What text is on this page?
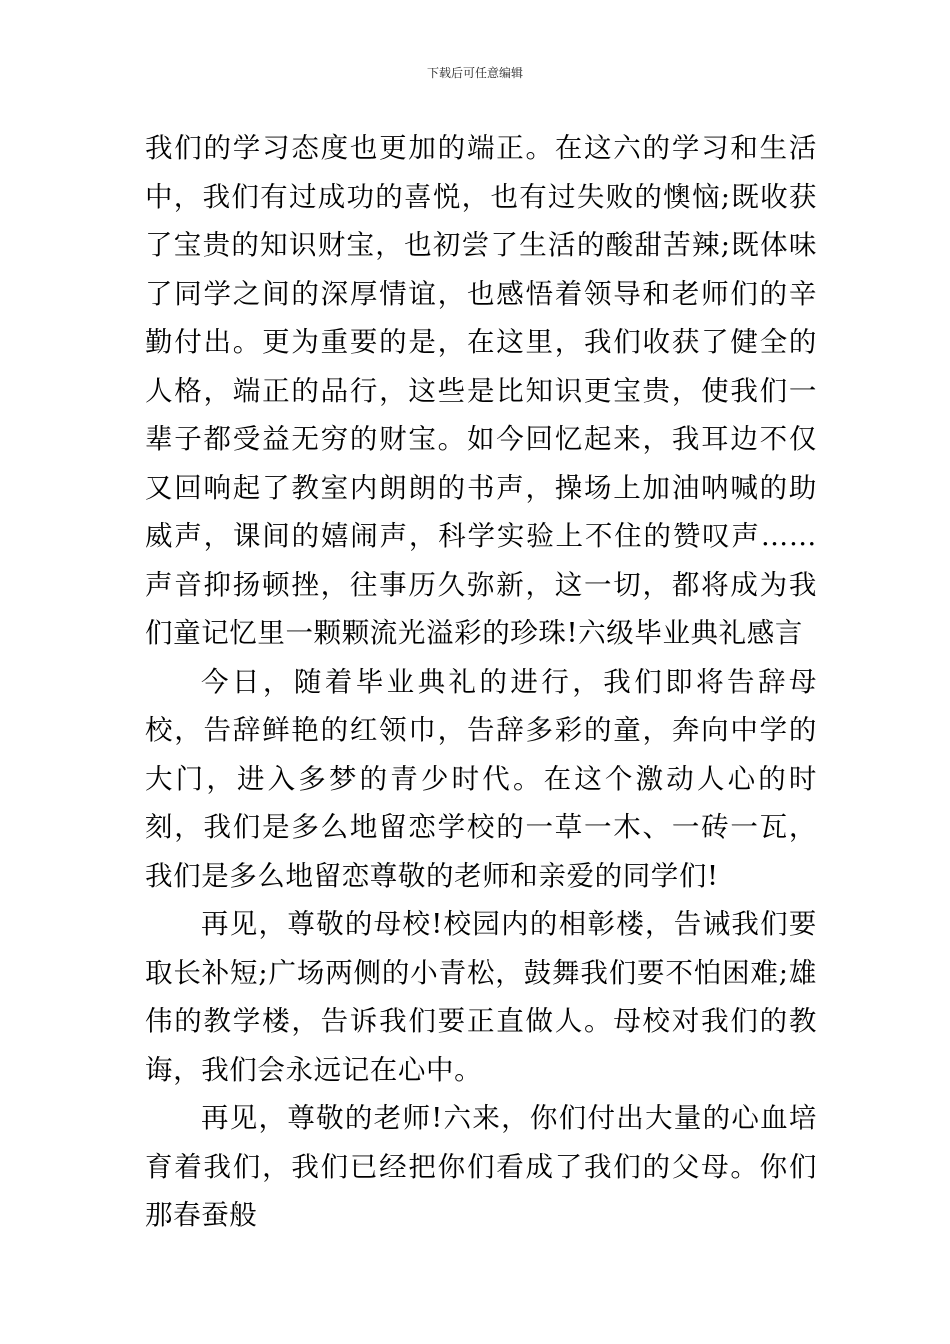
下载后可任意编辑

我们的学习态度也更加的端正。在这六的学习和生活中，我们有过成功的喜悦，也有过失败的懊恼;既收获了宝贵的知识财宝，也初尝了生活的酸甜苦辣;既体味了同学之间的深厚情谊，也感悟着领导和老师们的辛勤付出。更为重要的是，在这里，我们收获了健全的人格，端正的品行，这些是比知识更宝贵，使我们一辈子都受益无穷的财宝。如今回忆起来，我耳边不仅又回响起了教室内朗朗的书声，操场上加油呐喊的助威声，课间的嬉闹声，科学实验上不住的赞叹声……声音抑扬顿挫，往事历久弥新，这一切，都将成为我们童记忆里一颗颗流光溢彩的珍珠!六级毕业典礼感言

今日，随着毕业典礼的进行，我们即将告辞母校，告辞鲜艳的红领巾，告辞多彩的童，奔向中学的大门，进入多梦的青少时代。在这个激动人心的时刻，我们是多么地留恋学校的一草一木、一砖一瓦，我们是多么地留恋尊敬的老师和亲爱的同学们!

再见，尊敬的母校!校园内的相彰楼，告诫我们要取长补短;广场两侧的小青松，鼓舞我们要不怕困难;雄伟的教学楼，告诉我们要正直做人。母校对我们的教诲，我们会永远记在心中。

再见，尊敬的老师!六来，你们付出大量的心血培育着我们，我们已经把你们看成了我们的父母。你们那春蚕般
